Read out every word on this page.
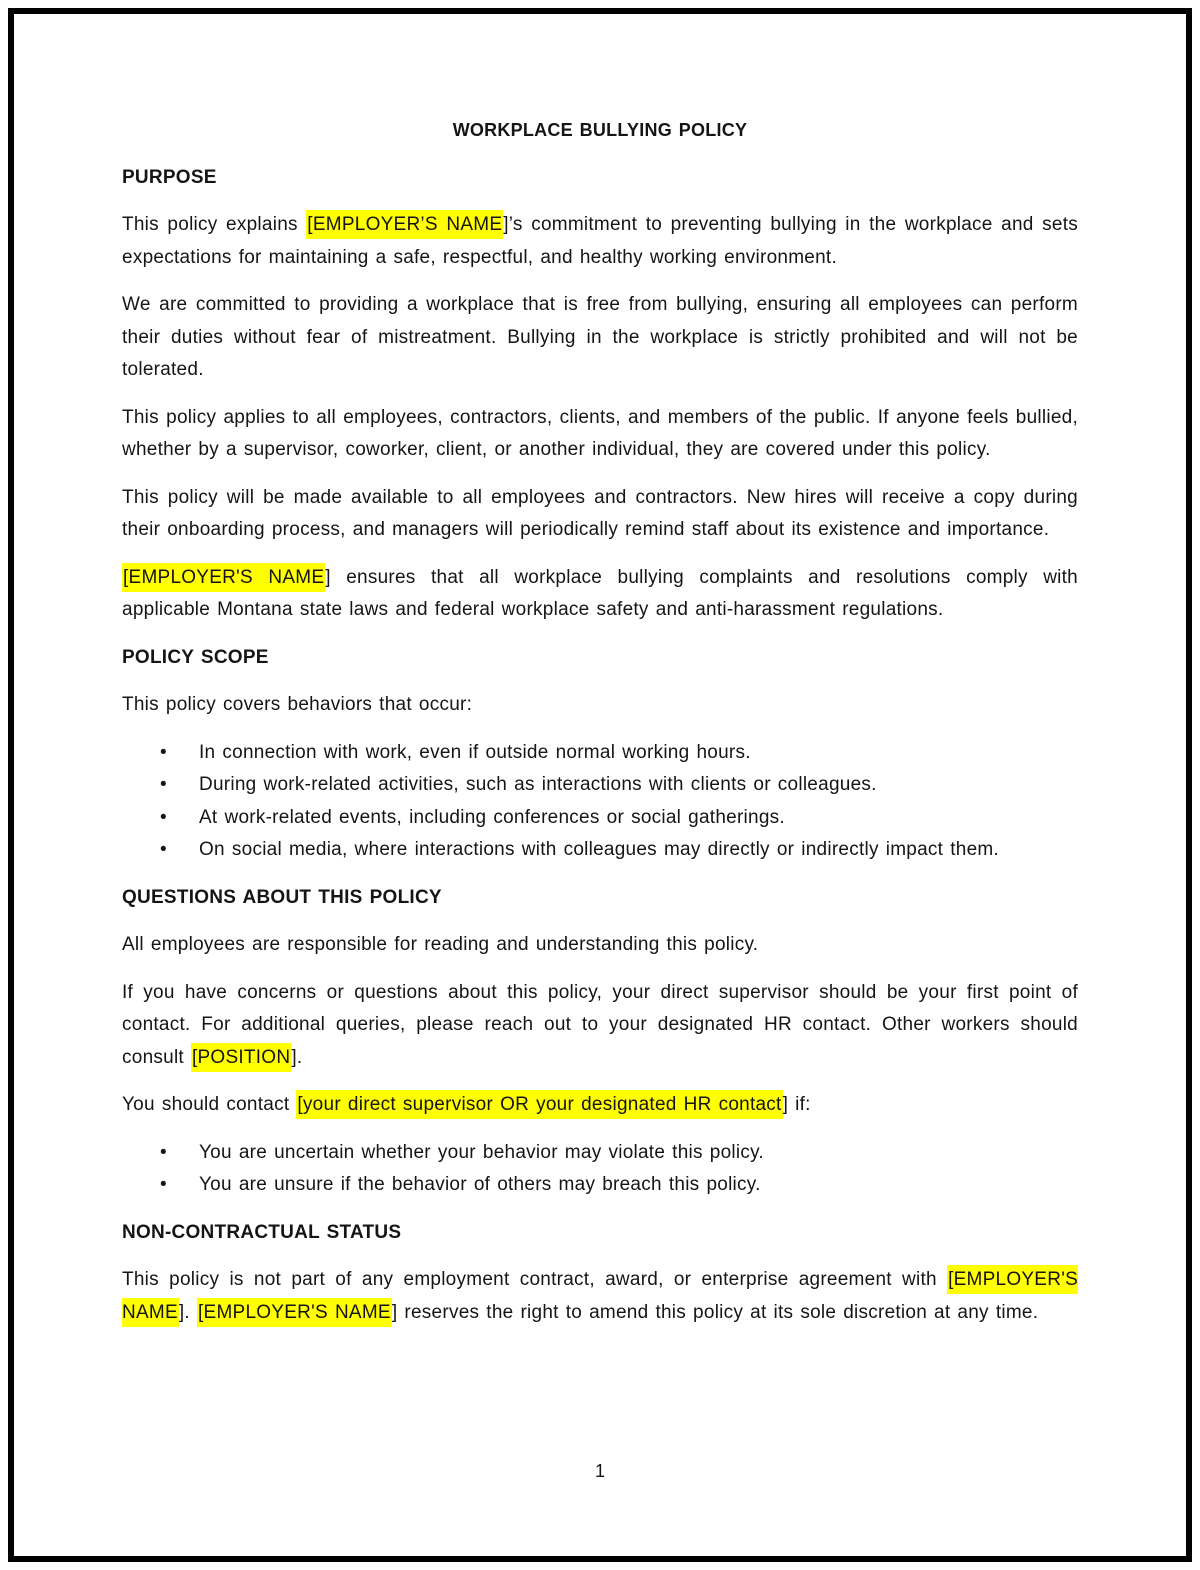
WORKPLACE BULLYING POLICY
PURPOSE
This policy explains [EMPLOYER’S NAME]’s commitment to preventing bullying in the workplace and sets expectations for maintaining a safe, respectful, and healthy working environment.
We are committed to providing a workplace that is free from bullying, ensuring all employees can perform their duties without fear of mistreatment. Bullying in the workplace is strictly prohibited and will not be tolerated.
This policy applies to all employees, contractors, clients, and members of the public. If anyone feels bullied, whether by a supervisor, coworker, client, or another individual, they are covered under this policy.
This policy will be made available to all employees and contractors. New hires will receive a copy during their onboarding process, and managers will periodically remind staff about its existence and importance.
[EMPLOYER'S NAME] ensures that all workplace bullying complaints and resolutions comply with applicable Montana state laws and federal workplace safety and anti-harassment regulations.
POLICY SCOPE
This policy covers behaviors that occur:
• In connection with work, even if outside normal working hours.
• During work-related activities, such as interactions with clients or colleagues.
• At work-related events, including conferences or social gatherings.
• On social media, where interactions with colleagues may directly or indirectly impact them.
QUESTIONS ABOUT THIS POLICY
All employees are responsible for reading and understanding this policy.
If you have concerns or questions about this policy, your direct supervisor should be your first point of contact. For additional queries, please reach out to your designated HR contact. Other workers should consult [POSITION].
You should contact [your direct supervisor OR your designated HR contact] if:
• You are uncertain whether your behavior may violate this policy.
• You are unsure if the behavior of others may breach this policy.
NON-CONTRACTUAL STATUS
This policy is not part of any employment contract, award, or enterprise agreement with [EMPLOYER'S NAME]. [EMPLOYER'S NAME] reserves the right to amend this policy at its sole discretion at any time.
1
